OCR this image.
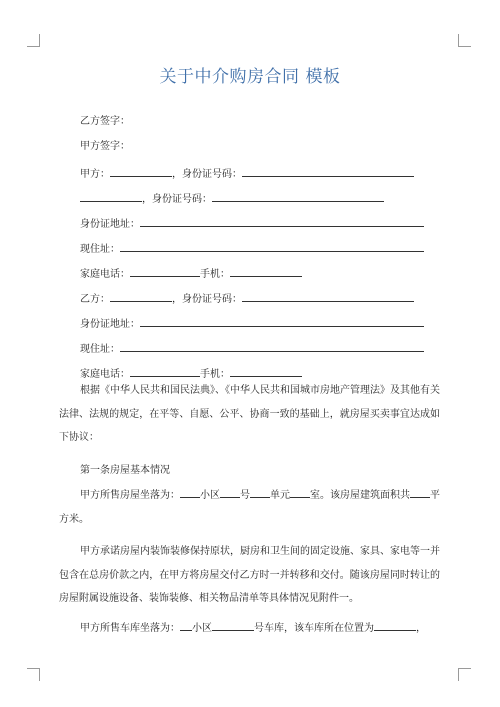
关于中介购房合同 模板
乙方签字：
甲方签字：
甲方：	，身份证号码：
，身份证号码：
身份证地址：
现住址：
家庭电话：	手机：
乙方：	，身份证号码：
身份证地址：
现住址：
家庭电话：	手机：

根据《中华人民共和国民法典》、《中华人民共和国城市房地产管理法》及其他有关法律、法规的规定，在平等、自愿、公平、协商一致的基础上，就房屋买卖事宜达成如下协议：

第一条房屋基本情况

甲方所售房屋坐落为： 小区 号 单元 室。该房屋建筑面积共 平方米。

甲方承诺房屋内装饰装修保持原状，厨房和卫生间的固定设施、家具、家电等一并包含在总房价款之内，在甲方将房屋交付乙方时一并转移和交付。随该房屋同时转让的房屋附属设施设备、装饰装修、相关物品清单等具体情况见附件一。

甲方所售车库坐落为： 小区	号车库，该车库所在位置为	，
